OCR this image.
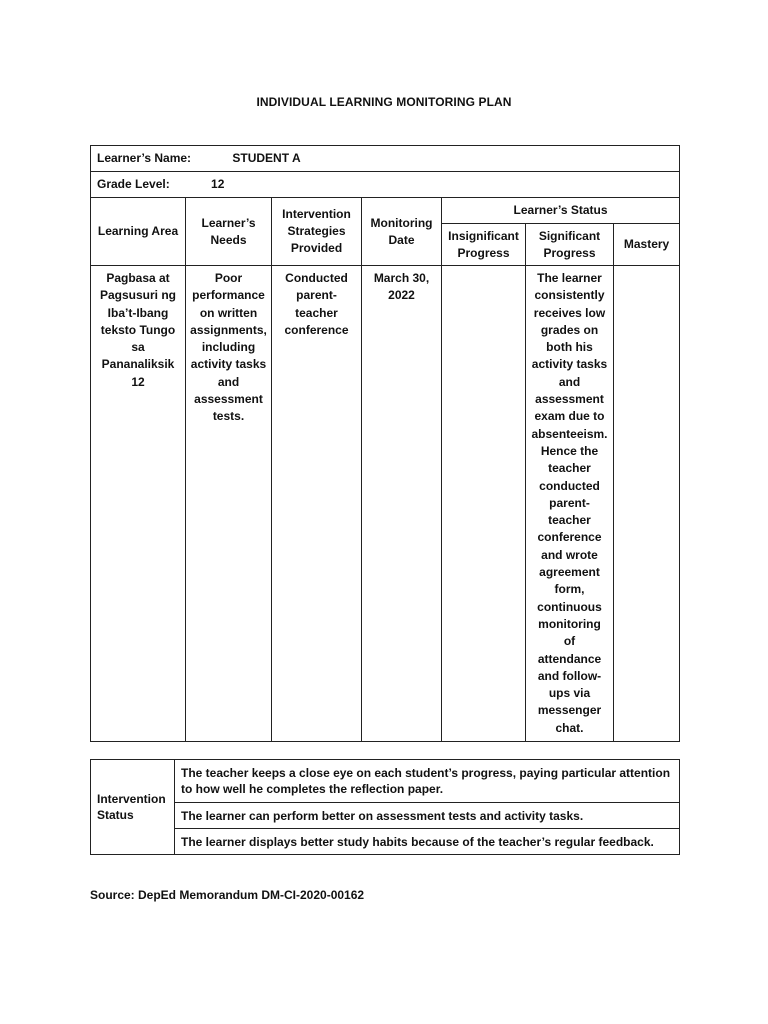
INDIVIDUAL LEARNING MONITORING PLAN
Learner’s Name: STUDENT A						
Grade Level: 12						
Learning Area	Learner’s Needs	Intervention Strategies Provided	Monitoring Date	Learner’s Status		
				Insignificant Progress	Significant Progress	Mastery
Pagbasa at Pagsusuri ng Iba’t-Ibang teksto Tungo sa Pananaliksik 12	Poor performance on written assignments, including activity tasks and assessment tests.	Conducted parent-teacher conference	March 30, 2022		The learner consistently receives low grades on both his activity tasks and assessment exam due to absenteeism. Hence the teacher conducted parent-teacher conference and wrote agreement form, continuous monitoring of attendance and follow-ups via messenger chat.	
Intervention Status	The teacher keeps a close eye on each student’s progress, paying particular attention to how well he completes the reflection paper.
The learner can perform better on assessment tests and activity tasks.
The learner displays better study habits because of the teacher’s regular feedback.
Source: DepEd Memorandum DM-CI-2020-00162
